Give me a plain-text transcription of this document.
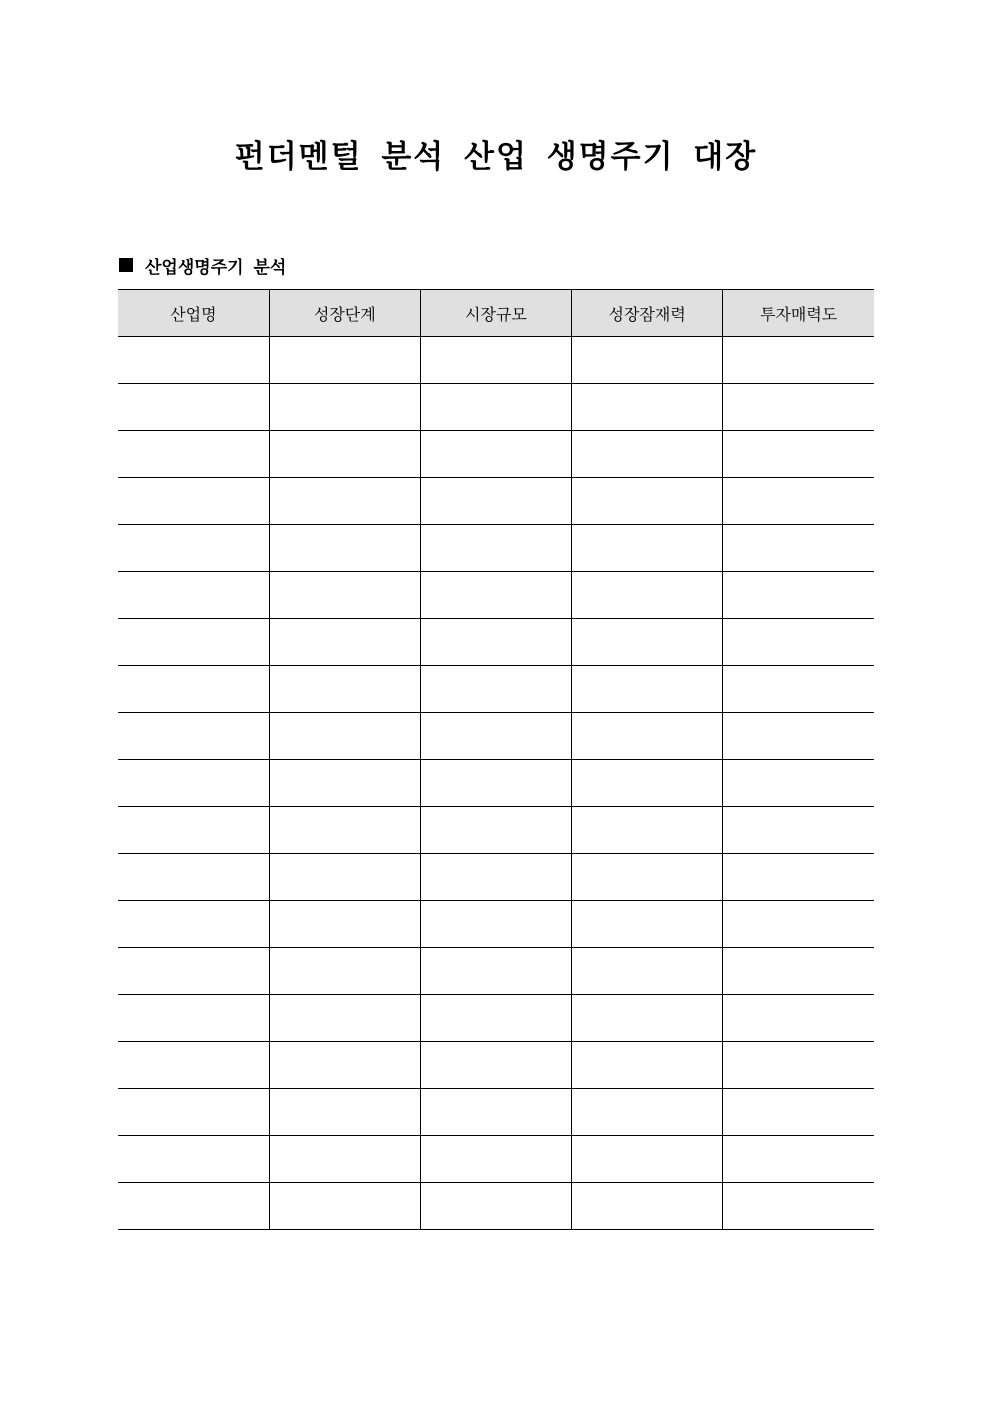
펀더멘털 분석 산업 생명주기 대장
산업생명주기 분석
산업명	성장단계	시장규모	성장잠재력	투자매력도
